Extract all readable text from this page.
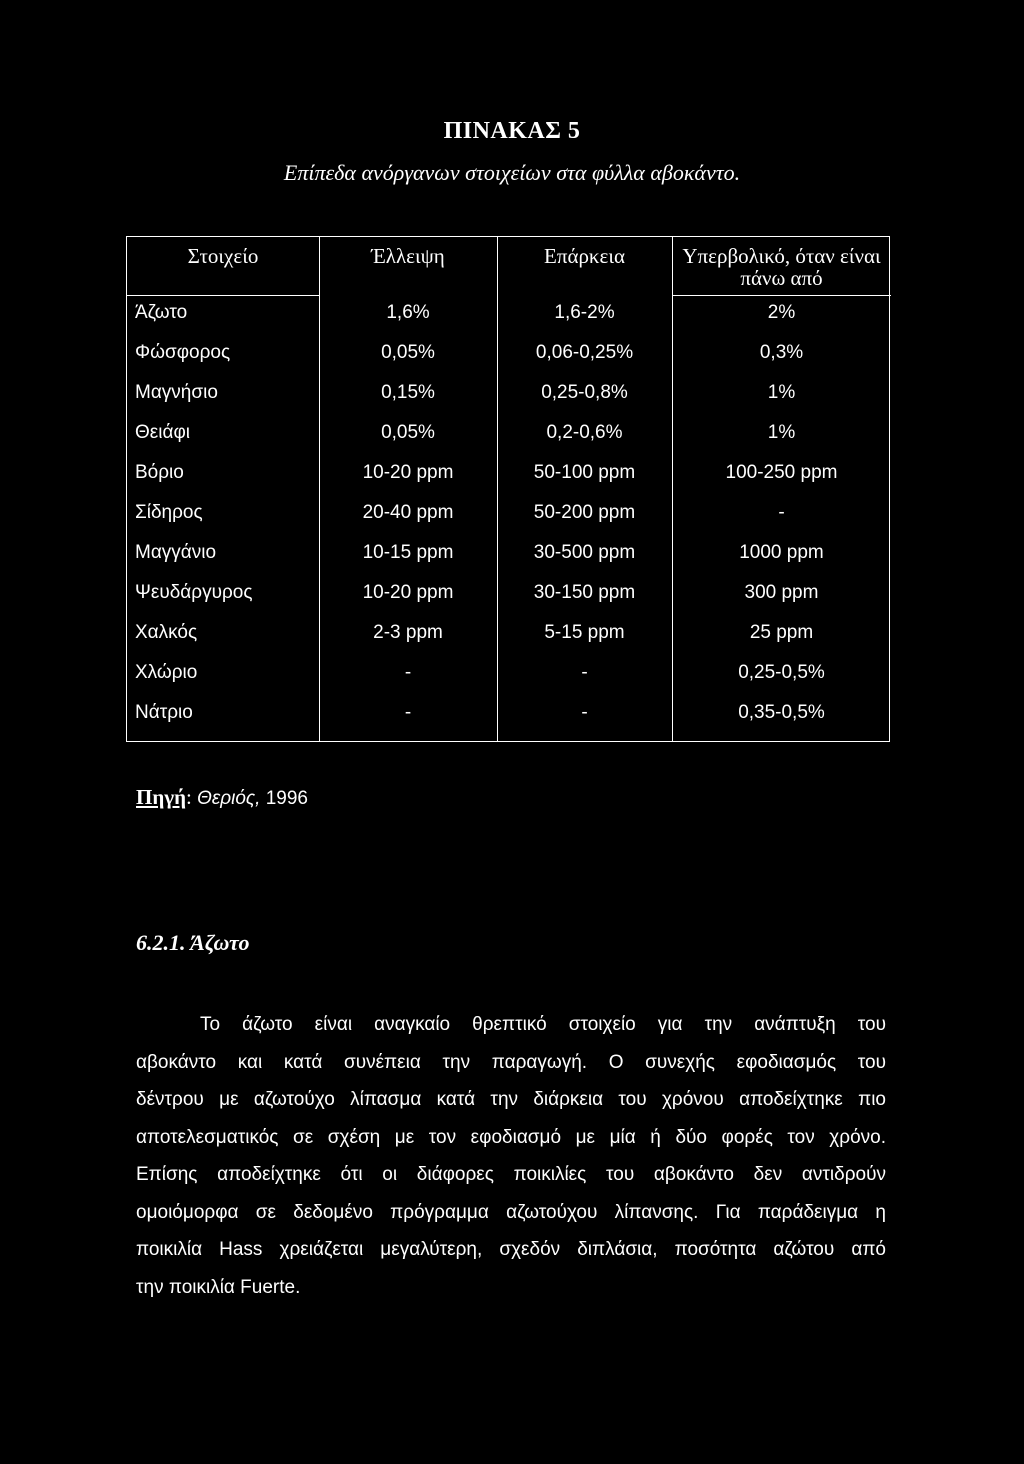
ΠΙΝΑΚΑΣ 5
Επίπεδα ανόργανων στοιχείων στα φύλλα αβοκάντο.
Στοιχείο	Έλλειψη	Επάρκεια	Υπερβολικό, όταν είναι πάνω από
Άζωτο	1,6%	1,6-2%	2%
Φώσφορος	0,05%	0,06-0,25%	0,3%
Μαγνήσιο	0,15%	0,25-0,8%	1%
Θειάφι	0,05%	0,2-0,6%	1%
Βόριο	10-20 ppm	50-100 ppm	100-250 ppm
Σίδηρος	20-40 ppm	50-200 ppm	-
Μαγγάνιο	10-15 ppm	30-500 ppm	1000 ppm
Ψευδάργυρος	10-20 ppm	30-150 ppm	300 ppm
Χαλκός	2-3 ppm	5-15 ppm	25 ppm
Χλώριο	-	-	0,25-0,5%
Νάτριο	-	-	0,35-0,5%
Πηγή: Θεριός, 1996
6.2.1. Άζωτο
Το άζωτο είναι αναγκαίο θρεπτικό στοιχείο για την ανάπτυξη του
αβοκάντο και κατά συνέπεια την παραγωγή. Ο συνεχής εφοδιασμός του
δέντρου με αζωτούχο λίπασμα κατά την διάρκεια του χρόνου αποδείχτηκε πιο
αποτελεσματικός σε σχέση με τον εφοδιασμό με μία ή δύο φορές τον χρόνο.
Επίσης αποδείχτηκε ότι οι διάφορες ποικιλίες του αβοκάντο δεν αντιδρούν
ομοιόμορφα σε δεδομένο πρόγραμμα αζωτούχου λίπανσης. Για παράδειγμα η
ποικιλία Hass χρειάζεται μεγαλύτερη, σχεδόν διπλάσια, ποσότητα αζώτου από
την ποικιλία Fuerte.
